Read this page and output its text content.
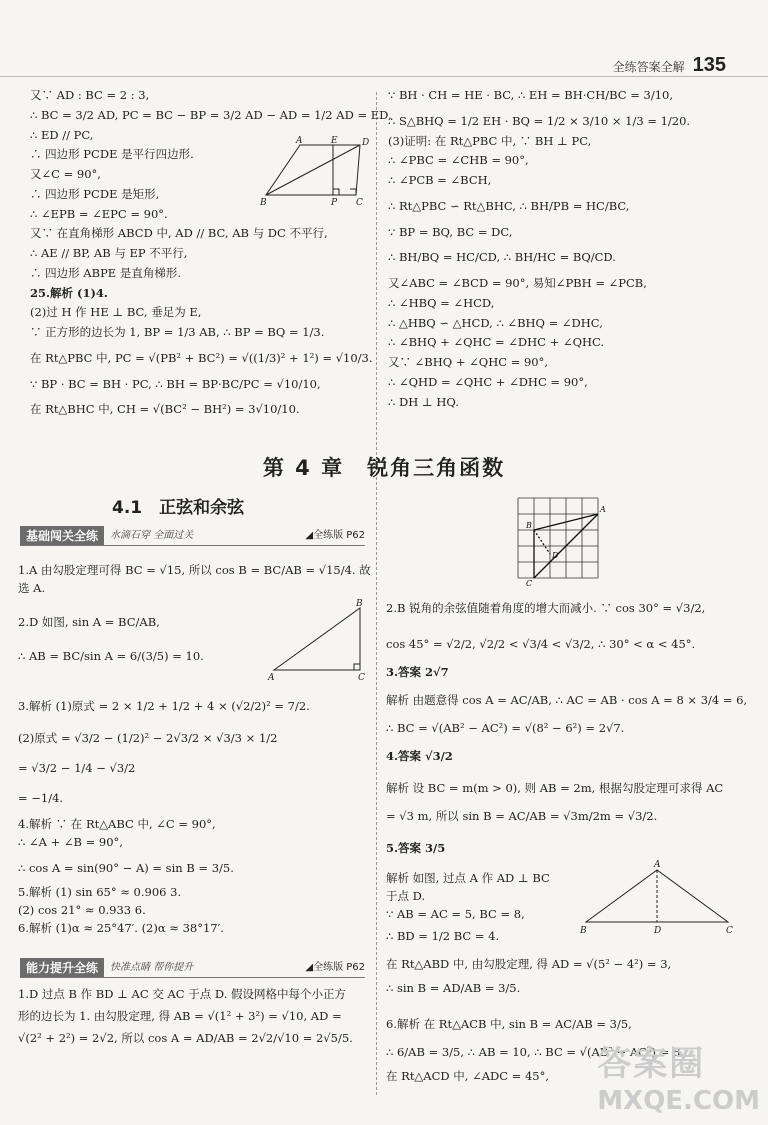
全练答案全解 135

又∵ AD : BC = 2 : 3,

∴ BC = 3/2 AD, PC = BC − BP = 3/2 AD − AD = 1/2 AD = ED,

∴ ED // PC,

∴ 四边形 PCDE 是平行四边形.

又∠C = 90°,

∴ 四边形 PCDE 是矩形,

∴ ∠EPB = ∠EPC = 90°.

又∵ 在直角梯形 ABCD 中, AD // BC, AB 与 DC 不平行,

∴ AE // BP, AB 与 EP 不平行,

∴ 四边形 ABPE 是直角梯形.

25.解析 (1)4.

(2)过 H 作 HE ⊥ BC, 垂足为 E,

∵ 正方形的边长为 1, BP = 1/3 AB, ∴ BP = BQ = 1/3.

在 Rt△PBC 中, PC = √(PB² + BC²) = √((1/3)² + 1²) = √10/3.

∵ BP · BC = BH · PC, ∴ BH = BP·BC/PC = √10/10,

在 Rt△BHC 中, CH = √(BC² − BH²) = 3√10/10.

A	E	D
B	P C

∵ BH · CH = HE · BC, ∴ EH = BH·CH/BC = 3/10,

∴ S△BHQ = 1/2 EH · BQ = 1/2 × 3/10 × 1/3 = 1/20.

(3)证明: 在 Rt△PBC 中, ∵ BH ⊥ PC,

∴ ∠PBC = ∠CHB = 90°,

∴ ∠PCB = ∠BCH,

∴ Rt△PBC ∽ Rt△BHC, ∴ BH/PB = HC/BC,

∵ BP = BQ, BC = DC,

∴ BH/BQ = HC/CD, ∴ BH/HC = BQ/CD.

又∠ABC = ∠BCD = 90°, 易知∠PBH = ∠PCB,

∴ ∠HBQ = ∠HCD,

∴ △HBQ ∽ △HCD, ∴ ∠BHQ = ∠DHC,

∴ ∠BHQ + ∠QHC = ∠DHC + ∠QHC.

又∵ ∠BHQ + ∠QHC = 90°,

∴ ∠QHD = ∠QHC + ∠DHC = 90°,

∴ DH ⊥ HQ.

第 4 章　锐角三角函数
4.1　正弦和余弦
基础闯关全练	水滴石穿 全面过关	◢全练版 P62
A
B
D
C

1.A 由勾股定理可得 BC = √15, 所以 cos B = BC/AB = √15/4. 故

选 A.

2.D 如图, sin A = BC/AB,

∴ AB = BC/sin A = 6/(3/5) = 10.

3.解析 (1)原式 = 2 × 1/2 + 1/2 + 4 × (√2/2)² = 7/2.

(2)原式 = √3/2 − (1/2)² − 2√3/2 × √3/3 × 1/2

= √3/2 − 1/4 − √3/2

= −1/4.

4.解析 ∵ 在 Rt△ABC 中, ∠C = 90°,

∴ ∠A + ∠B = 90°,

∴ cos A = sin(90° − A) = sin B = 3/5.

5.解析 (1) sin 65° ≈ 0.906 3.

(2) cos 21° ≈ 0.933 6.

6.解析 (1)α ≈ 25°47′. (2)α ≈ 38°17′.

B
A	C
能力提升全练	快准点睛 帮你提升	◢全练版 P62

1.D 过点 B 作 BD ⊥ AC 交 AC 于点 D. 假设网格中每个小正方

形的边长为 1. 由勾股定理, 得 AB = √(1² + 3²) = √10, AD =

√(2² + 2²) = 2√2, 所以 cos A = AD/AB = 2√2/√10 = 2√5/5.

2.B 锐角的余弦值随着角度的增大而减小. ∵ cos 30° = √3/2,

cos 45° = √2/2, √2/2 < √3/4 < √3/2, ∴ 30° < α < 45°.

3.答案 2√7

解析 由题意得 cos A = AC/AB, ∴ AC = AB · cos A = 8 × 3/4 = 6,

∴ BC = √(AB² − AC²) = √(8² − 6²) = 2√7.

4.答案 √3/2

解析 设 BC = m(m > 0), 则 AB = 2m, 根据勾股定理可求得 AC

= √3 m, 所以 sin B = AC/AB = √3m/2m = √3/2.

5.答案 3/5

解析 如图, 过点 A 作 AD ⊥ BC

于点 D.

∵ AB = AC = 5, BC = 8,

∴ BD = 1/2 BC = 4.

在 Rt△ABD 中, 由勾股定理, 得 AD = √(5² − 4²) = 3,

∴ sin B = AD/AB = 3/5.

6.解析 在 Rt△ACB 中, sin B = AC/AB = 3/5,

∴ 6/AB = 3/5, ∴ AB = 10, ∴ BC = √(AB² − AC²) = 8.

在 Rt△ACD 中, ∠ADC = 45°,

A
B	D	C
答案圈
MXQE.COM
